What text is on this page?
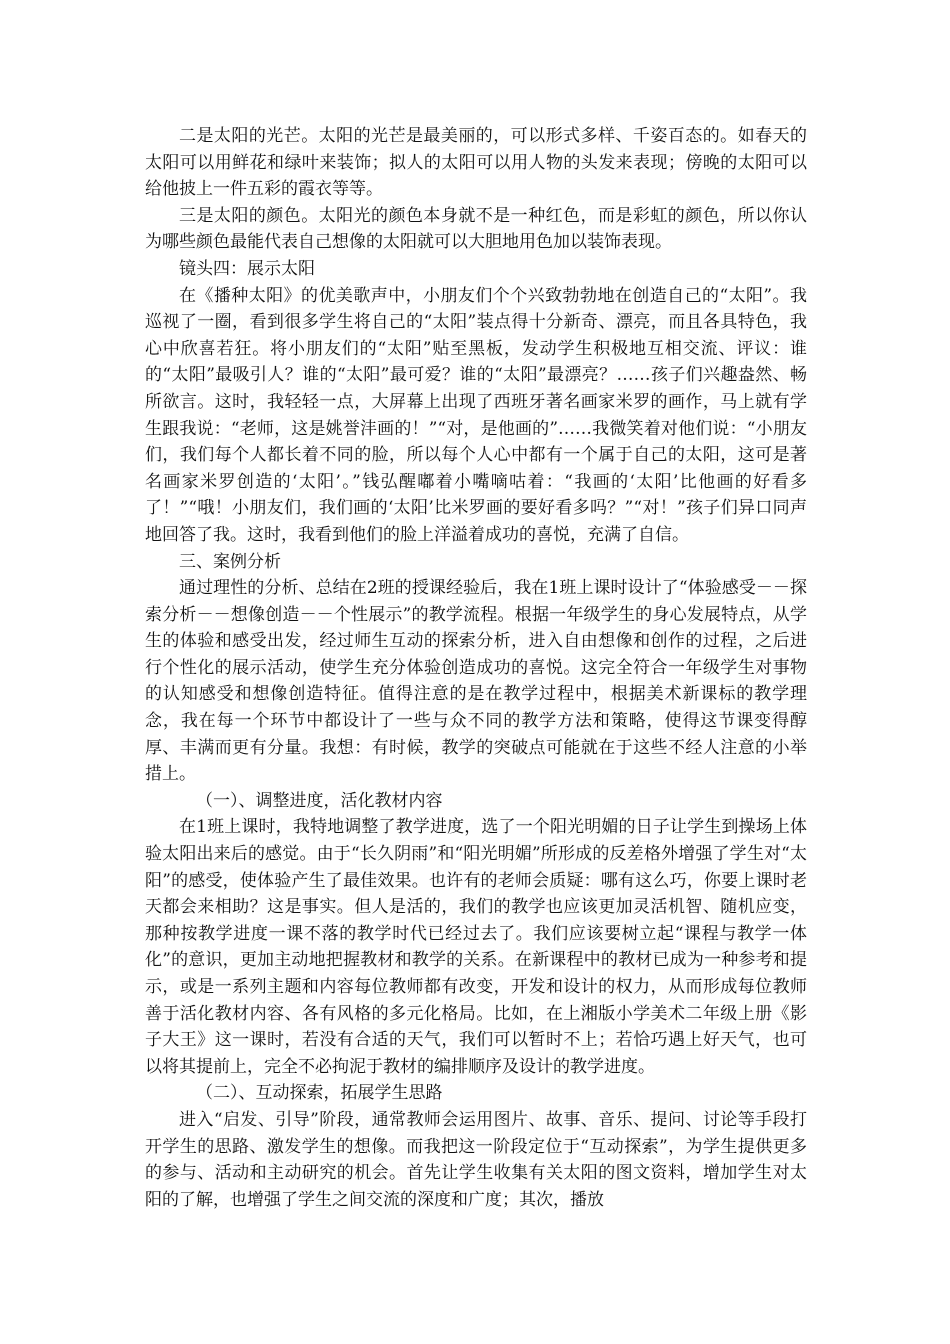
二是太阳的光芒。太阳的光芒是最美丽的，可以形式多样、千姿百态的。如春天的太阳可以用鲜花和绿叶来装饰；拟人的太阳可以用人物的头发来表现；傍晚的太阳可以给他披上一件五彩的霞衣等等。

三是太阳的颜色。太阳光的颜色本身就不是一种红色，而是彩虹的颜色，所以你认为哪些颜色最能代表自己想像的太阳就可以大胆地用色加以装饰表现。

镜头四：展示太阳

在《播种太阳》的优美歌声中，小朋友们个个兴致勃勃地在创造自己的“太阳”。我巡视了一圈，看到很多学生将自己的“太阳”装点得十分新奇、漂亮，而且各具特色，我心中欣喜若狂。将小朋友们的“太阳”贴至黑板，发动学生积极地互相交流、评议：谁的“太阳”最吸引人？谁的“太阳”最可爱？谁的“太阳”最漂亮？……孩子们兴趣盎然、畅所欲言。这时，我轻轻一点，大屏幕上出现了西班牙著名画家米罗的画作，马上就有学生跟我说：“老师，这是姚誉沣画的！”“对，是他画的”……我微笑着对他们说：“小朋友们，我们每个人都长着不同的脸，所以每个人心中都有一个属于自己的太阳，这可是著名画家米罗创造的‘太阳’。”钱弘醒嘟着小嘴嘀咕着：“我画的‘太阳’比他画的好看多了！”“哦！小朋友们，我们画的‘太阳’比米罗画的要好看多吗？”“对！”孩子们异口同声地回答了我。这时，我看到他们的脸上洋溢着成功的喜悦，充满了自信。

三、案例分析

通过理性的分析、总结在2班的授课经验后，我在1班上课时设计了“体验感受－－探索分析－－想像创造－－个性展示”的教学流程。根据一年级学生的身心发展特点，从学生的体验和感受出发，经过师生互动的探索分析，进入自由想像和创作的过程，之后进行个性化的展示活动，使学生充分体验创造成功的喜悦。这完全符合一年级学生对事物的认知感受和想像创造特征。值得注意的是在教学过程中，根据美术新课标的教学理念，我在每一个环节中都设计了一些与众不同的教学方法和策略，使得这节课变得醇厚、丰满而更有分量。我想：有时候，教学的突破点可能就在于这些不经人注意的小举措上。

（一）、调整进度，活化教材内容

在1班上课时，我特地调整了教学进度，选了一个阳光明媚的日子让学生到操场上体验太阳出来后的感觉。由于“长久阴雨”和“阳光明媚”所形成的反差格外增强了学生对“太阳”的感受，使体验产生了最佳效果。也许有的老师会质疑：哪有这么巧，你要上课时老天都会来相助？这是事实。但人是活的，我们的教学也应该更加灵活机智、随机应变，那种按教学进度一课不落的教学时代已经过去了。我们应该要树立起“课程与教学一体化”的意识，更加主动地把握教材和教学的关系。在新课程中的教材已成为一种参考和提示，或是一系列主题和内容每位教师都有改变，开发和设计的权力，从而形成每位教师善于活化教材内容、各有风格的多元化格局。比如，在上湘版小学美术二年级上册《影子大王》这一课时，若没有合适的天气，我们可以暂时不上；若恰巧遇上好天气，也可以将其提前上，完全不必拘泥于教材的编排顺序及设计的教学进度。

（二）、互动探索，拓展学生思路

进入“启发、引导”阶段，通常教师会运用图片、故事、音乐、提问、讨论等手段打开学生的思路、激发学生的想像。而我把这一阶段定位于“互动探索”，为学生提供更多的参与、活动和主动研究的机会。首先让学生收集有关太阳的图文资料，增加学生对太阳的了解，也增强了学生之间交流的深度和广度；其次，播放
